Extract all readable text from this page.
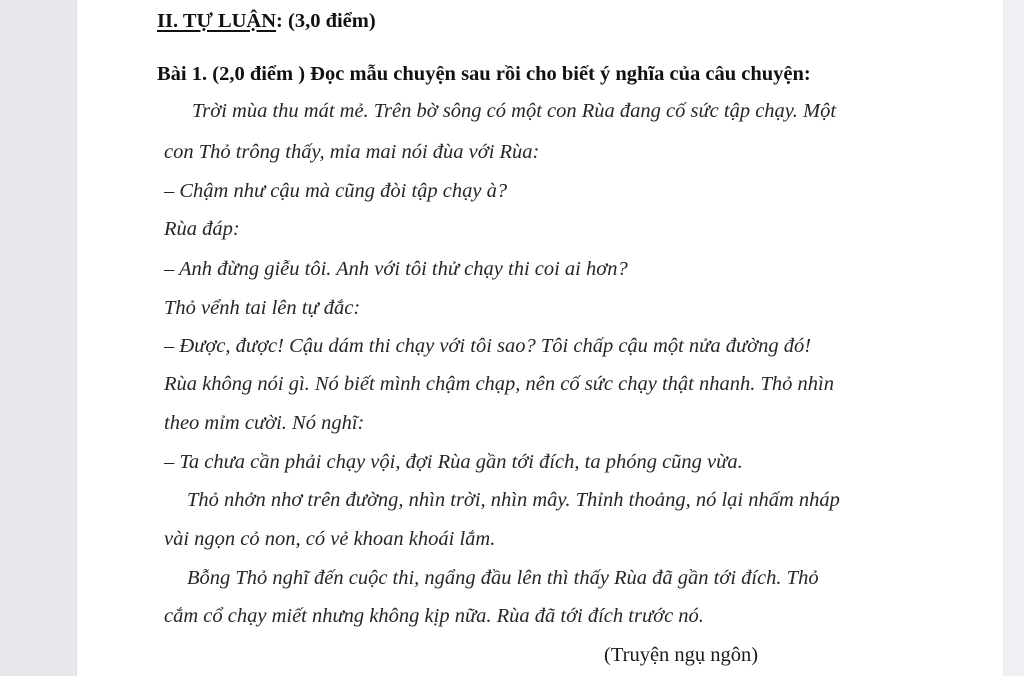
II. TỰ LUẬN: (3,0 điểm)
Bài 1. (2,0 điểm ) Đọc mẫu chuyện sau rồi cho biết ý nghĩa của câu chuyện:
Trời mùa thu mát mẻ. Trên bờ sông có một con Rùa đang cố sức tập chạy. Một
con Thỏ trông thấy, mỉa mai nói đùa với Rùa:
– Chậm như cậu mà cũng đòi tập chạy à?
Rùa đáp:
– Anh đừng giễu tôi. Anh với tôi thử chạy thi coi ai hơn?
Thỏ vểnh tai lên tự đắc:
– Được, được! Cậu dám thi chạy với tôi sao? Tôi chấp cậu một nửa đường đó!
Rùa không nói gì. Nó biết mình chậm chạp, nên cố sức chạy thật nhanh. Thỏ nhìn
theo mỉm cười. Nó nghĩ:
– Ta chưa cần phải chạy vội, đợi Rùa gần tới đích, ta phóng cũng vừa.
Thỏ nhởn nhơ trên đường, nhìn trời, nhìn mây. Thỉnh thoảng, nó lại nhấm nháp
vài ngọn cỏ non, có vẻ khoan khoái lắm.
Bỗng Thỏ nghĩ đến cuộc thi, ngẩng đầu lên thì thấy Rùa đã gần tới đích. Thỏ
cắm cổ chạy miết nhưng không kịp nữa. Rùa đã tới đích trước nó.
(Truyện ngụ ngôn)
